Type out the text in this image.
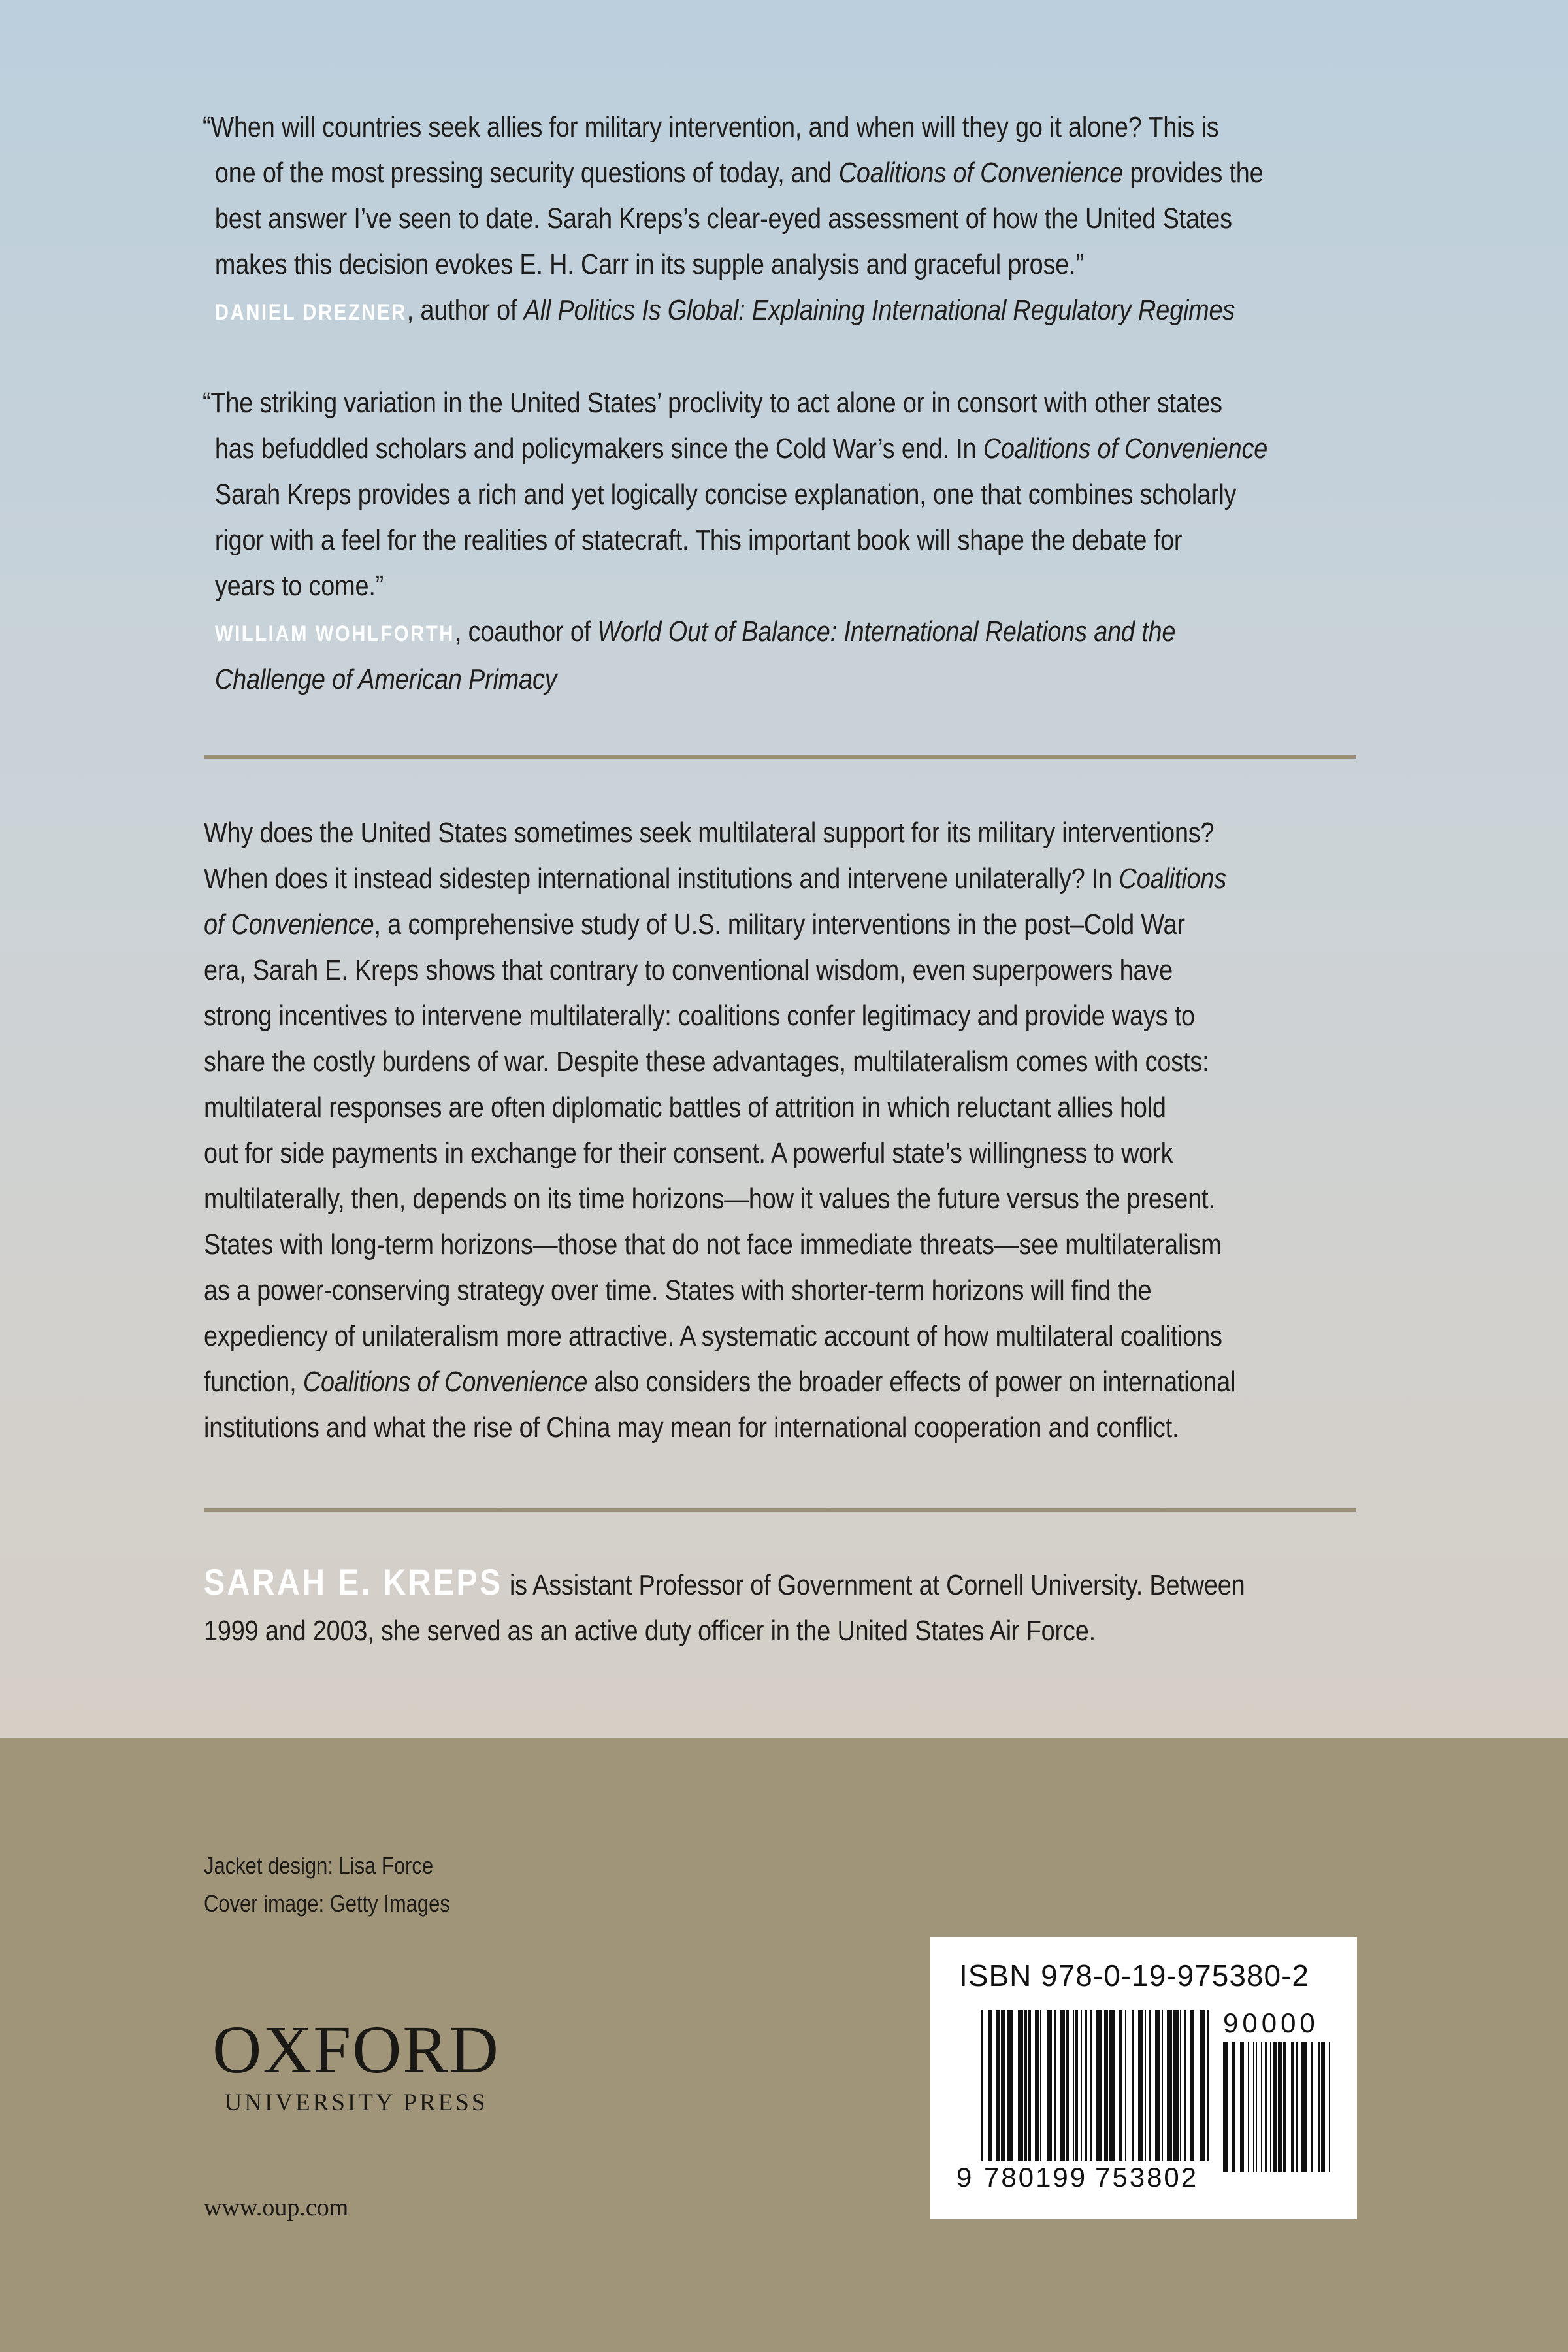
“When will countries seek allies for military intervention, and when will they go it alone? This is
one of the most pressing security questions of today, and Coalitions of Convenience provides the
best answer I’ve seen to date. Sarah Kreps’s clear-eyed assessment of how the United States
makes this decision evokes E. H. Carr in its supple analysis and graceful prose.”
DANIEL DREZNER, author of All Politics Is Global: Explaining International Regulatory Regimes
“The striking variation in the United States’ proclivity to act alone or in consort with other states
has befuddled scholars and policymakers since the Cold War’s end. In Coalitions of Convenience
Sarah Kreps provides a rich and yet logically concise explanation, one that combines scholarly
rigor with a feel for the realities of statecraft. This important book will shape the debate for
years to come.”
WILLIAM WOHLFORTH, coauthor of World Out of Balance: International Relations and the
Challenge of American Primacy
Why does the United States sometimes seek multilateral support for its military interventions?
When does it instead sidestep international institutions and intervene unilaterally? In Coalitions
of Convenience, a comprehensive study of U.S. military interventions in the post–Cold War
era, Sarah E. Kreps shows that contrary to conventional wisdom, even superpowers have
strong incentives to intervene multilaterally: coalitions confer legitimacy and provide ways to
share the costly burdens of war. Despite these advantages, multilateralism comes with costs:
multilateral responses are often diplomatic battles of attrition in which reluctant allies hold
out for side payments in exchange for their consent. A powerful state’s willingness to work
multilaterally, then, depends on its time horizons—how it values the future versus the present.
States with long-term horizons—those that do not face immediate threats—see multilateralism
as a power-conserving strategy over time. States with shorter-term horizons will find the
expediency of unilateralism more attractive. A systematic account of how multilateral coalitions
function, Coalitions of Convenience also considers the broader effects of power on international
institutions and what the rise of China may mean for international cooperation and conflict.
SARAH E. KREPS is Assistant Professor of Government at Cornell University. Between
1999 and 2003, she served as an active duty officer in the United States Air Force.
Jacket design: Lisa Force
Cover image: Getty Images
OXFORD
UNIVERSITY PRESS
www.oup.com
ISBN 978-0-19-975380-2
9 780199 753802
90000
